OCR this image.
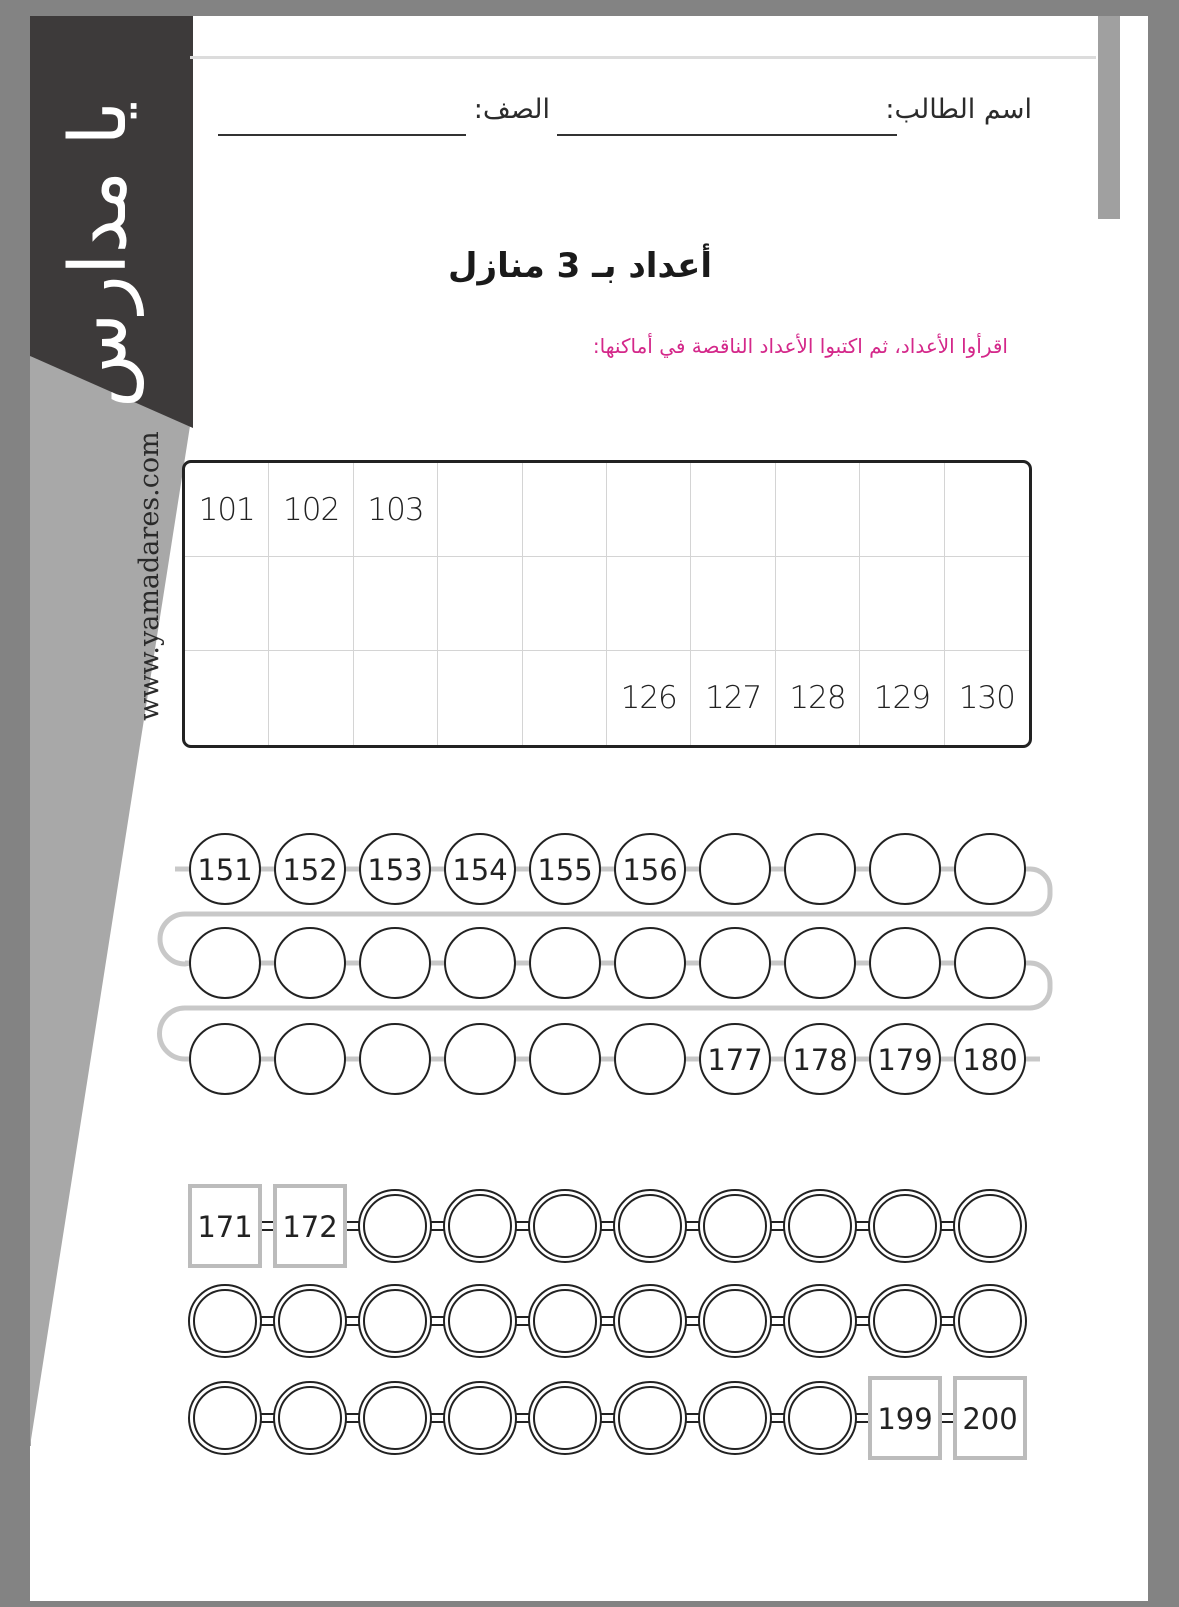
يا مدارس
www.yamadares.com
اسم الطالب:
الصف:
أعداد بـ 3 منازل
اقرأوا الأعداد، ثم اكتبوا الأعداد الناقصة في أماكنها:
101 102 103
126 127 128 129 130
151 152 153 154 155 156
177 178 179 180
171 172
199 200
